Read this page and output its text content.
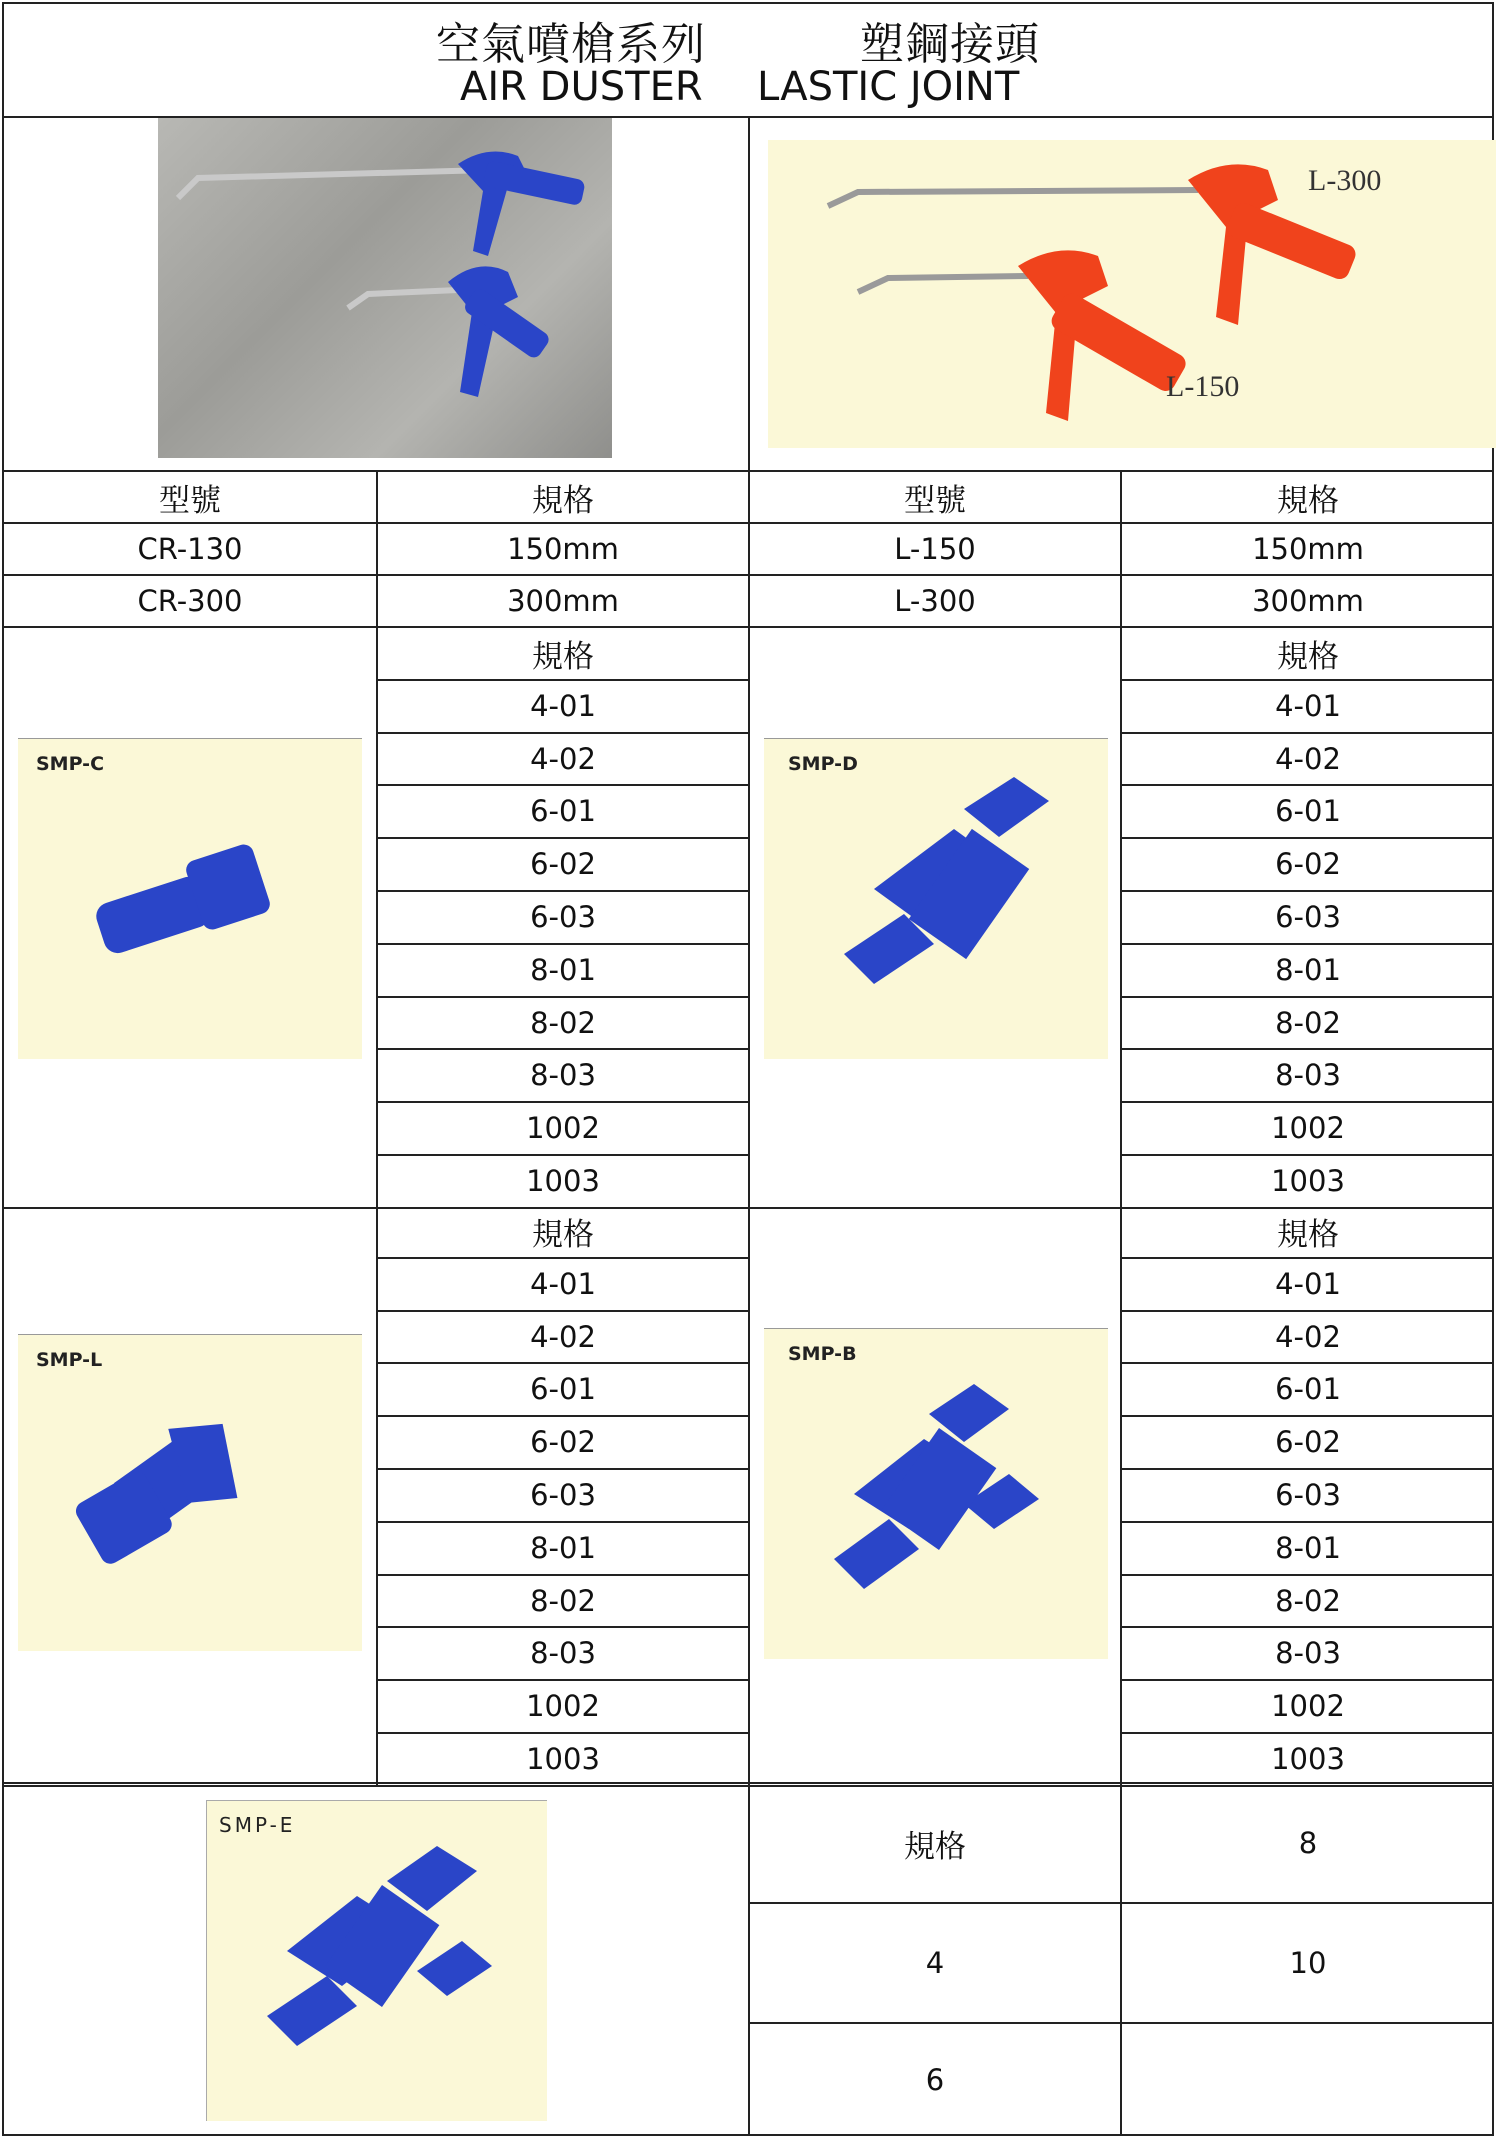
空氣噴槍系列	塑鋼接頭
AIR DUSTER LASTIC JOINT
L-300
L-150
型號	規格	型號	規格
CR-130	150mm	L-150	150mm
CR-300	300mm	L-300	300mm
規格
4-01
4-02
6-01
6-02
6-03
8-01
8-02
8-03
1002
1003
SMP-C
規格
4-01
4-02
6-01
6-02
6-03
8-01
8-02
8-03
1002
1003
SMP-D
規格
4-01
4-02
6-01
6-02
6-03
8-01
8-02
8-03
1002
1003
SMP-L
規格
4-01
4-02
6-01
6-02
6-03
8-01
8-02
8-03
1002
1003
SMP-B
SMP-E
規格	8
4	10
6
